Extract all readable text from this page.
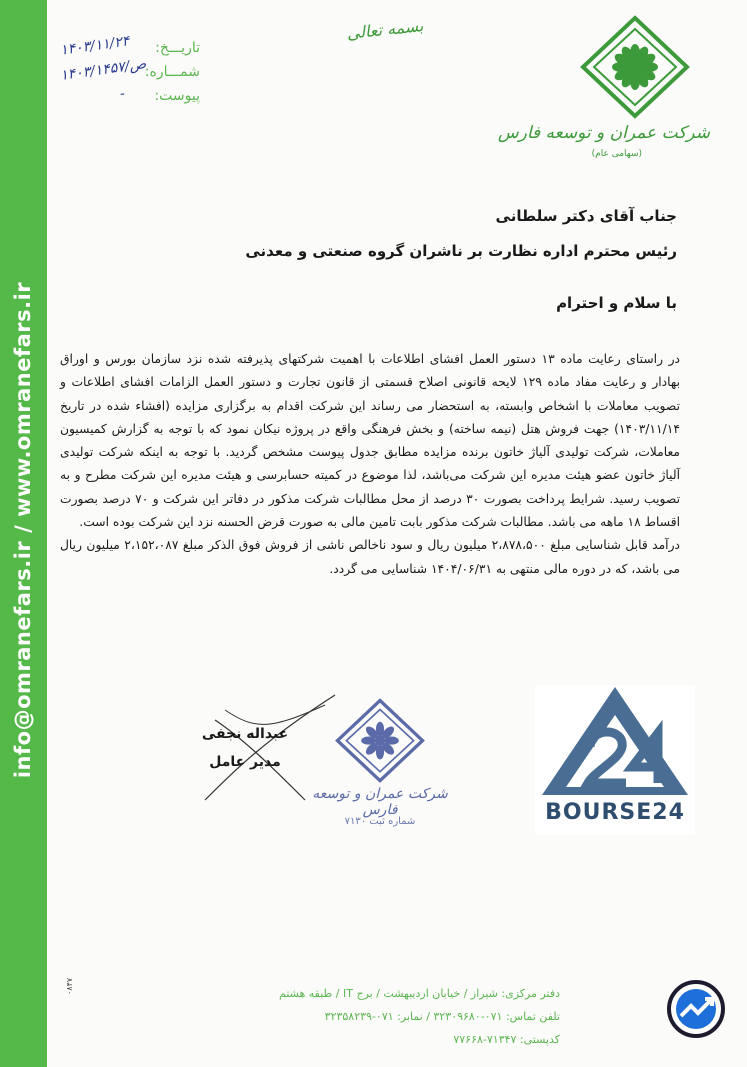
info@omranefars.ir / www.omranefars.ir
تاریـــخ:
۱۴۰۳/۱۱/۲۴
شمـــاره:
۱۴۰۳/ص/۱۴۵۷
پیوست:
-
بسمه تعالی
شرکت عمران و توسعه فارس
(سهامی عام)
جناب آقای دکتر سلطانی
رئیس محترم اداره نظارت بر ناشران گروه صنعتی و معدنی
با سلام و احترام

در راستای رعایت ماده ۱۳ دستور العمل افشای اطلاعات با اهمیت شرکتهای پذیرفته شده نزد سازمان بورس و اوراق بهادار و رعایت مفاد ماده ۱۲۹ لایحه قانونی اصلاح قسمتی از قانون تجارت و دستور العمل الزامات افشای اطلاعات و تصویب معاملات با اشخاص وابسته، به استحضار می رساند این شرکت اقدام به برگزاری مزایده (افشاء شده در تاریخ ۱۴۰۳/۱۱/۱۴) جهت فروش هتل (نیمه ساخته) و بخش فرهنگی واقع در پروژه نیکان نمود که با توجه به گزارش کمیسیون معاملات، شرکت تولیدی آلیاژ خاتون برنده مزایده مطابق جدول پیوست مشخص گردید. با توجه به اینکه شرکت تولیدی آلیاژ خاتون عضو هیئت مدیره این شرکت می‌باشد، لذا موضوع در کمیته حسابرسی و هیئت مدیره این شرکت مطرح و به تصویب رسید. شرایط پرداخت بصورت ۳۰ درصد از محل مطالبات شرکت مذکور در دفاتر این شرکت و ۷۰ درصد بصورت اقساط ۱۸ ماهه می باشد. مطالبات شرکت مذکور بابت تامین مالی به صورت قرض الحسنه نزد این شرکت بوده است.

درآمد قابل شناسایی مبلغ ۲،۸۷۸،۵۰۰ میلیون ریال و سود ناخالص ناشی از فروش فوق الذکر مبلغ ۲،۱۵۲،۰۸۷ میلیون ریال می باشد، که در دوره مالی منتهی به ۱۴۰۴/۰۶/۳۱ شناسایی می گردد.

عبداله نجفی
مدیر عامل
شرکت عمران و توسعه فارس
شماره ثبت ۷۱۳۰	BOURSE24
دفتر مرکزی: شیراز / خیابان اردیبهشت / برج IT / طبقه هشتم
تلفن تماس: ۰۷۱-۳۲۳۰۹۶۸۰ / نمابر: ۰۷۱-۳۲۳۵۸۲۳۹
کدپستی: ۷۱۳۴۷-۷۷۶۶۸
۰۸۴۷
